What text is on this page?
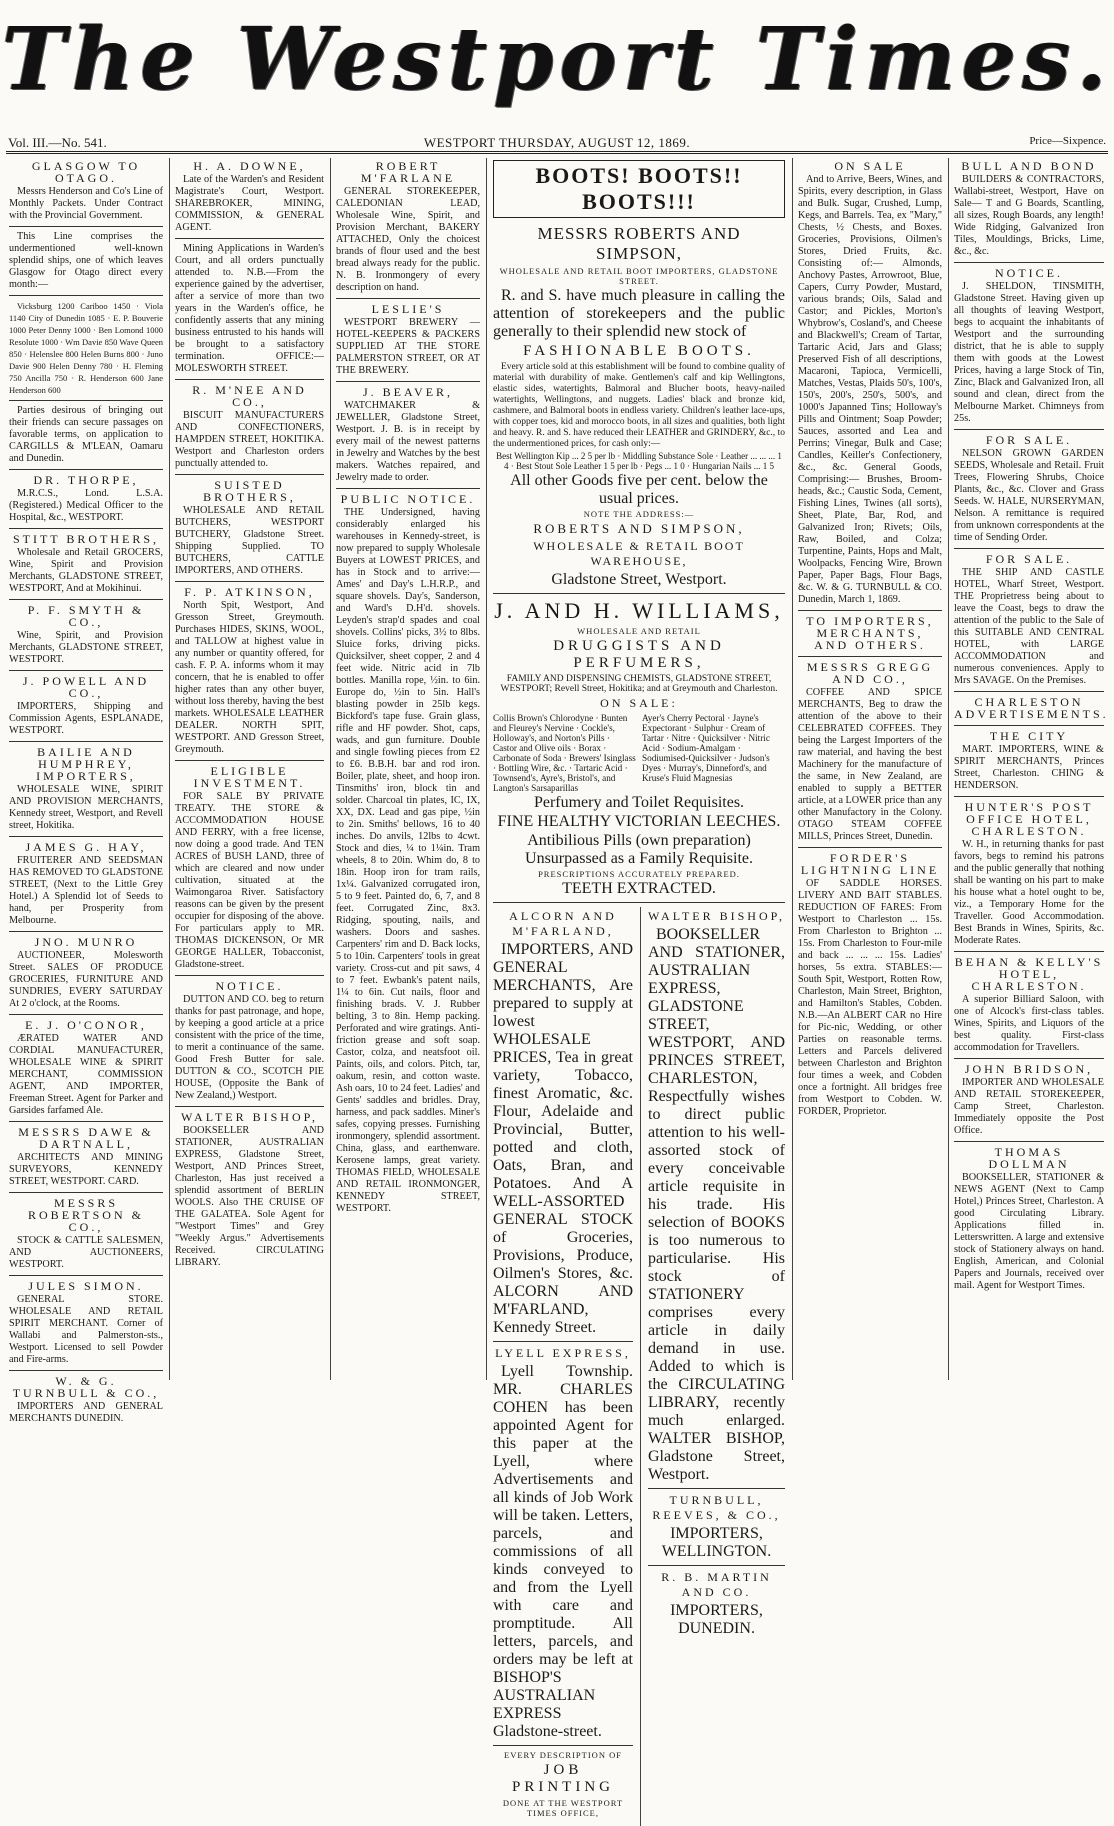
The Westport Times.
Vol. III.—No. 541.	WESTPORT THURSDAY, AUGUST 12, 1869.	Price—Sixpence.
GLASGOW TO OTAGO.
Messrs Henderson and Co's Line of Monthly Packets. Under Contract with the Provincial Government.
This Line comprises the undermentioned well-known splendid ships, one of which leaves Glasgow for Otago direct every month:—
Vicksburg 1200 Cariboo 1450 · Viola 1140 City of Dunedin 1085 · E. P. Bouverie 1000 Peter Denny 1000 · Ben Lomond 1000 Resolute 1000 · Wm Davie 850 Wave Queen 850 · Helenslee 800 Helen Burns 800 · Juno Davie 900 Helen Denny 780 · H. Fleming 750 Ancilla 750 · R. Henderson 600 Jane Henderson 600
Parties desirous of bringing out their friends can secure passages on favorable terms, on application to CARGILLS & M'LEAN, Oamaru and Dunedin.
DR. THORPE,
M.R.C.S., Lond. L.S.A. (Registered.) Medical Officer to the Hospital, &c., WESTPORT.
STITT BROTHERS,
Wholesale and Retail GROCERS, Wine, Spirit and Provision Merchants, GLADSTONE STREET, WESTPORT, And at Mokihinui.
P. F. SMYTH & CO.,
Wine, Spirit, and Provision Merchants, GLADSTONE STREET, WESTPORT.
J. POWELL AND CO.,
IMPORTERS, Shipping and Commission Agents, ESPLANADE, WESTPORT.
BAILIE AND HUMPHREY, IMPORTERS,
WHOLESALE WINE, SPIRIT AND PROVISION MERCHANTS, Kennedy street, Westport, and Revell street, Hokitika.
JAMES G. HAY,
FRUITERER AND SEEDSMAN HAS REMOVED TO GLADSTONE STREET, (Next to the Little Grey Hotel.) A Splendid lot of Seeds to hand, per Prosperity from Melbourne.
JNO. MUNRO
AUCTIONEER, Molesworth Street. SALES OF PRODUCE GROCERIES, FURNITURE AND SUNDRIES, EVERY SATURDAY At 2 o'clock, at the Rooms.
E. J. O'CONOR,
ÆRATED WATER AND CORDIAL MANUFACTURER, WHOLESALE WINE & SPIRIT MERCHANT, COMMISSION AGENT, AND IMPORTER, Freeman Street. Agent for Parker and Garsides farfamed Ale.
MESSRS DAWE & DARTNALL,
ARCHITECTS AND MINING SURVEYORS, KENNEDY STREET, WESTPORT. CARD.
MESSRS ROBERTSON & CO.,
STOCK & CATTLE SALESMEN, AND AUCTIONEERS, WESTPORT.
JULES SIMON.
GENERAL STORE. WHOLESALE AND RETAIL SPIRIT MERCHANT. Corner of Wallabi and Palmerston-sts., Westport. Licensed to sell Powder and Fire-arms.
W. & G. TURNBULL & CO.,
IMPORTERS AND GENERAL MERCHANTS DUNEDIN.
H. A. DOWNE,
Late of the Warden's and Resident Magistrate's Court, Westport. SHAREBROKER, MINING, COMMISSION, & GENERAL AGENT.
Mining Applications in Warden's Court, and all orders punctually attended to. N.B.—From the experience gained by the advertiser, after a service of more than two years in the Warden's office, he confidently asserts that any mining business entrusted to his hands will be brought to a satisfactory termination. OFFICE:— MOLESWORTH STREET.
R. M'NEE AND CO.,
BISCUIT MANUFACTURERS AND CONFECTIONERS, HAMPDEN STREET, HOKITIKA. Westport and Charleston orders punctually attended to.
SUISTED BROTHERS,
WHOLESALE AND RETAIL BUTCHERS, WESTPORT BUTCHERY, Gladstone Street. Shipping Supplied. TO BUTCHERS, CATTLE IMPORTERS, AND OTHERS.
F. P. ATKINSON,
North Spit, Westport, And Gresson Street, Greymouth. Purchases HIDES, SKINS, WOOL, and TALLOW at highest value in any number or quantity offered, for cash. F. P. A. informs whom it may concern, that he is enabled to offer higher rates than any other buyer, without loss thereby, having the best markets. WHOLESALE LEATHER DEALER. NORTH SPIT, WESTPORT. AND Gresson Street, Greymouth.
ELIGIBLE INVESTMENT.
FOR SALE BY PRIVATE TREATY. THE STORE & ACCOMMODATION HOUSE AND FERRY, with a free license, now doing a good trade. And TEN ACRES of BUSH LAND, three of which are cleared and now under cultivation, situated at the Waimongaroa River. Satisfactory reasons can be given by the present occupier for disposing of the above. For particulars apply to MR. THOMAS DICKENSON, Or MR GEORGE HALLER, Tobacconist, Gladstone-street.
NOTICE.
DUTTON AND CO. beg to return thanks for past patronage, and hope, by keeping a good article at a price consistent with the price of the time, to merit a continuance of the same. Good Fresh Butter for sale. DUTTON & CO., SCOTCH PIE HOUSE, (Opposite the Bank of New Zealand,) Westport.
WALTER BISHOP,
BOOKSELLER AND STATIONER, AUSTRALIAN EXPRESS, Gladstone Street, Westport, AND Princes Street, Charleston, Has just received a splendid assortment of BERLIN WOOLS. Also THE CRUISE OF THE GALATEA. Sole Agent for "Westport Times" and Grey "Weekly Argus." Advertisements Received. CIRCULATING LIBRARY.
ROBERT M'FARLANE
GENERAL STOREKEEPER, CALEDONIAN LEAD, Wholesale Wine, Spirit, and Provision Merchant, BAKERY ATTACHED, Only the choicest brands of flour used and the best bread always ready for the public. N. B. Ironmongery of every description on hand.
LESLIE'S
WESTPORT BREWERY — HOTEL-KEEPERS & PACKERS SUPPLIED AT THE STORE PALMERSTON STREET, OR AT THE BREWERY.
J. BEAVER,
WATCHMAKER & JEWELLER, Gladstone Street, Westport. J. B. is in receipt by every mail of the newest patterns in Jewelry and Watches by the best makers. Watches repaired, and Jewelry made to order.
PUBLIC NOTICE.
THE Undersigned, having considerably enlarged his warehouses in Kennedy-street, is now prepared to supply Wholesale Buyers at LOWEST PRICES, and has in Stock and to arrive:— Ames' and Day's L.H.R.P., and square shovels. Day's, Sanderson, and Ward's D.H'd. shovels. Leyden's strap'd spades and coal shovels. Collins' picks, 3½ to 8lbs. Sluice forks, driving picks. Quicksilver, sheet copper, 2 and 4 feet wide. Nitric acid in 7lb bottles. Manilla rope, ½in. to 6in. Europe do, ½in to 5in. Hall's blasting powder in 25lb kegs. Bickford's tape fuse. Grain glass, rifle and HF powder. Shot, caps, wads, and gun furniture. Double and single fowling pieces from £2 to £6. B.B.H. bar and rod iron. Boiler, plate, sheet, and hoop iron. Tinsmiths' iron, block tin and solder. Charcoal tin plates, IC, IX, XX, DX. Lead and gas pipe, ½in to 2in. Smiths' bellows, 16 to 40 inches. Do anvils, 12lbs to 4cwt. Stock and dies, ¼ to 1¼in. Tram wheels, 8 to 20in. Whim do, 8 to 18in. Hoop iron for tram rails, 1x¼. Galvanized corrugated iron, 5 to 9 feet. Painted do, 6, 7, and 8 feet. Corrugated Zinc, 8x3. Ridging, spouting, nails, and washers. Doors and sashes. Carpenters' rim and D. Back locks, 5 to 10in. Carpenters' tools in great variety. Cross-cut and pit saws, 4 to 7 feet. Ewbank's patent nails, 1¼ to 6in. Cut nails, floor and finishing brads. V. J. Rubber belting, 3 to 8in. Hemp packing. Perforated and wire gratings. Anti-friction grease and soft soap. Castor, colza, and neatsfoot oil. Paints, oils, and colors. Pitch, tar, oakum, resin, and cotton waste. Ash oars, 10 to 24 feet. Ladies' and Gents' saddles and bridles. Dray, harness, and pack saddles. Miner's safes, copying presses. Furnishing ironmongery, splendid assortment. China, glass, and earthenware. Kerosene lamps, great variety. THOMAS FIELD, WHOLESALE AND RETAIL IRONMONGER, KENNEDY STREET, WESTPORT.
BOOTS! BOOTS!! BOOTS!!!
MESSRS ROBERTS AND SIMPSON,
WHOLESALE AND RETAIL BOOT IMPORTERS, GLADSTONE STREET.
R. and S. have much pleasure in calling the attention of storekeepers and the public generally to their splendid new stock of
FASHIONABLE BOOTS.
Every article sold at this establishment will be found to combine quality of material with durability of make. Gentlemen's calf and kip Wellingtons, elastic sides, watertights, Balmoral and Blucher boots, heavy-nailed watertights, Wellingtons, and nuggets. Ladies' black and bronze kid, cashmere, and Balmoral boots in endless variety. Children's leather lace-ups, with copper toes, kid and morocco boots, in all sizes and qualities, both light and heavy. R. and S. have reduced their LEATHER and GRINDERY, &c., to the undermentioned prices, for cash only:—
Best Wellington Kip ... 2 5 per lb · Middling Substance Sole · Leather ... ... ... 1 4 · Best Stout Sole Leather 1 5 per lb · Pegs ... 1 0 · Hungarian Nails ... 1 5
All other Goods five per cent. below the usual prices.
NOTE THE ADDRESS:—
ROBERTS AND SIMPSON,
WHOLESALE & RETAIL BOOT WAREHOUSE,
Gladstone Street, Westport.
J. AND H. WILLIAMS,
WHOLESALE AND RETAIL
DRUGGISTS AND PERFUMERS,
FAMILY AND DISPENSING CHEMISTS, GLADSTONE STREET, WESTPORT; Revell Street, Hokitika; and at Greymouth and Charleston.
ON SALE:
Collis Brown's Chlorodyne · Bunten and Fleurey's Nervine · Cockle's, Holloway's, and Norton's Pills · Castor and Olive oils · Borax · Carbonate of Soda · Brewers' Isinglass · Bottling Wire, &c. · Tartaric Acid · Townsend's, Ayre's, Bristol's, and Langton's Sarsaparillas
Ayer's Cherry Pectoral · Jayne's Expectorant · Sulphur · Cream of Tartar · Nitre · Quicksilver · Nitric Acid · Sodium-Amalgam · Sodiumised-Quicksilver · Judson's Dyes · Murray's, Dinneford's, and Kruse's Fluid Magnesias
Perfumery and Toilet Requisites.
FINE HEALTHY VICTORIAN LEECHES.
Antibilious Pills (own preparation) Unsurpassed as a Family Requisite.
PRESCRIPTIONS ACCURATELY PREPARED.
TEETH EXTRACTED.
ALCORN AND M'FARLAND,
IMPORTERS, AND GENERAL MERCHANTS, Are prepared to supply at lowest WHOLESALE PRICES, Tea in great variety, Tobacco, finest Aromatic, &c. Flour, Adelaide and Provincial, Butter, potted and cloth, Oats, Bran, and Potatoes. And A WELL-ASSORTED GENERAL STOCK of Groceries, Provisions, Produce, Oilmen's Stores, &c. ALCORN AND M'FARLAND, Kennedy Street.
LYELL EXPRESS,
Lyell Township. MR. CHARLES COHEN has been appointed Agent for this paper at the Lyell, where Advertisements and all kinds of Job Work will be taken. Letters, parcels, and commissions of all kinds conveyed to and from the Lyell with care and promptitude. All letters, parcels, and orders may be left at BISHOP'S AUSTRALIAN EXPRESS Gladstone-street.
EVERY DESCRIPTION OF
JOB PRINTING
DONE AT THE WESTPORT TIMES OFFICE,
WALTER BISHOP,
BOOKSELLER AND STATIONER, AUSTRALIAN EXPRESS, GLADSTONE STREET, WESTPORT, AND PRINCES STREET, CHARLESTON, Respectfully wishes to direct public attention to his well-assorted stock of every conceivable article requisite in his trade. His selection of BOOKS is too numerous to particularise. His stock of STATIONERY comprises every article in daily demand in use. Added to which is the CIRCULATING LIBRARY, recently much enlarged. WALTER BISHOP, Gladstone Street, Westport.
TURNBULL, REEVES, & CO.,
IMPORTERS, WELLINGTON.
R. B. MARTIN AND CO.
IMPORTERS, DUNEDIN.
ON SALE
And to Arrive, Beers, Wines, and Spirits, every description, in Glass and Bulk. Sugar, Crushed, Lump, Kegs, and Barrels. Tea, ex "Mary," Chests, ½ Chests, and Boxes. Groceries, Provisions, Oilmen's Stores, Dried Fruits, &c. Consisting of:— Almonds, Anchovy Pastes, Arrowroot, Blue, Capers, Curry Powder, Mustard, various brands; Oils, Salad and Castor; and Pickles, Morton's Whybrow's, Cosland's, and Cheese and Blackwell's; Cream of Tartar, Tartaric Acid, Jars and Glass; Preserved Fish of all descriptions, Macaroni, Tapioca, Vermicelli, Matches, Vestas, Plaids 50's, 100's, 150's, 200's, 250's, 500's, and 1000's Japanned Tins; Holloway's Pills and Ointment; Soap Powder; Sauces, assorted and Lea and Perrins; Vinegar, Bulk and Case; Candles, Keiller's Confectionery, &c., &c. General Goods, Comprising:— Brushes, Broom-heads, &c.; Caustic Soda, Cement, Fishing Lines, Twines (all sorts), Sheet, Plate, Bar, Rod, and Galvanized Iron; Rivets; Oils, Raw, Boiled, and Colza; Turpentine, Paints, Hops and Malt, Woolpacks, Fencing Wire, Brown Paper, Paper Bags, Flour Bags, &c. W. & G. TURNBULL & CO. Dunedin, March 1, 1869.
TO IMPORTERS, MERCHANTS, AND OTHERS.
MESSRS GREGG AND CO.,
COFFEE AND SPICE MERCHANTS, Beg to draw the attention of the above to their CELEBRATED COFFEES. They being the Largest Importers of the raw material, and having the best Machinery for the manufacture of the same, in New Zealand, are enabled to supply a BETTER article, at a LOWER price than any other Manufactory in the Colony. OTAGO STEAM COFFEE MILLS, Princes Street, Dunedin.
FORDER'S LIGHTNING LINE
OF SADDLE HORSES. LIVERY AND BAIT STABLES. REDUCTION OF FARES: From Westport to Charleston ... 15s. From Charleston to Brighton ... 15s. From Charleston to Four-mile and back ... ... ... 15s. Ladies' horses, 5s extra. STABLES:— South Spit, Westport, Rotten Row, Charleston, Main Street, Brighton, and Hamilton's Stables, Cobden. N.B.—An ALBERT CAR no Hire for Pic-nic, Wedding, or other Parties on reasonable terms. Letters and Parcels delivered between Charleston and Brighton four times a week, and Cobden once a fortnight. All bridges free from Westport to Cobden. W. FORDER, Proprietor.
BULL AND BOND
BUILDERS & CONTRACTORS, Wallabi-street, Westport, Have on Sale— T and G Boards, Scantling, all sizes, Rough Boards, any length! Wide Ridging, Galvanized Iron Tiles, Mouldings, Bricks, Lime, &c., &c.
NOTICE.
J. SHELDON, TINSMITH, Gladstone Street. Having given up all thoughts of leaving Westport, begs to acquaint the inhabitants of Westport and the surrounding district, that he is able to supply them with goods at the Lowest Prices, having a large Stock of Tin, Zinc, Black and Galvanized Iron, all sound and clean, direct from the Melbourne Market. Chimneys from 25s.
FOR SALE.
NELSON GROWN GARDEN SEEDS, Wholesale and Retail. Fruit Trees, Flowering Shrubs, Choice Plants, &c., &c. Clover and Grass Seeds. W. HALE, NURSERYMAN, Nelson. A remittance is required from unknown correspondents at the time of Sending Order.
FOR SALE.
THE SHIP AND CASTLE HOTEL, Wharf Street, Westport. THE Proprietress being about to leave the Coast, begs to draw the attention of the public to the Sale of this SUITABLE AND CENTRAL HOTEL, with LARGE ACCOMMODATION and numerous conveniences. Apply to Mrs SAVAGE. On the Premises.
CHARLESTON ADVERTISEMENTS.
THE CITY
MART. IMPORTERS, WINE & SPIRIT MERCHANTS, Princes Street, Charleston. CHING & HENDERSON.
HUNTER'S POST OFFICE HOTEL, CHARLESTON.
W. H., in returning thanks for past favors, begs to remind his patrons and the public generally that nothing shall be wanting on his part to make his house what a hotel ought to be, viz., a Temporary Home for the Traveller. Good Accommodation. Best Brands in Wines, Spirits, &c. Moderate Rates.
BEHAN & KELLY'S HOTEL, CHARLESTON.
A superior Billiard Saloon, with one of Alcock's first-class tables. Wines, Spirits, and Liquors of the best quality. First-class accommodation for Travellers.
JOHN BRIDSON,
IMPORTER AND WHOLESALE AND RETAIL STOREKEEPER, Camp Street, Charleston. Immediately opposite the Post Office.
THOMAS DOLLMAN
BOOKSELLER, STATIONER & NEWS AGENT (Next to Camp Hotel,) Princes Street, Charleston. A good Circulating Library. Applications filled in. Letterswritten. A large and extensive stock of Stationery always on hand. English, American, and Colonial Papers and Journals, received over mail. Agent for Westport Times.
